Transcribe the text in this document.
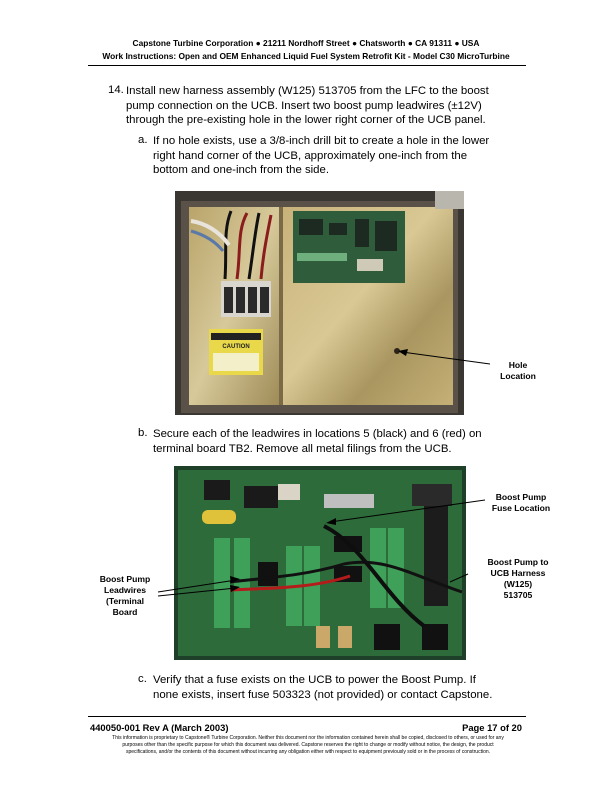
Capstone Turbine Corporation ● 21211 Nordhoff Street ● Chatsworth ● CA 91311 ● USA
Work Instructions: Open and OEM Enhanced Liquid Fuel System Retrofit Kit - Model C30 MicroTurbine
14. Install new harness assembly (W125) 513705 from the LFC to the boost
pump connection on the UCB. Insert two boost pump leadwires (±12V)
through the pre-existing hole in the lower right corner of the UCB panel.
a. If no hole exists, use a 3/8-inch drill bit to create a hole in the lower
right hand corner of the UCB, approximately one-inch from the
bottom and one-inch from the side.
CAUTION
Hole
Location
b. Secure each of the leadwires in locations 5 (black) and 6 (red) on
terminal board TB2. Remove all metal filings from the UCB.
Boost Pump
Fuse Location
Boost Pump to
UCB Harness
(W125)
513705
Boost Pump
Leadwires
(Terminal
Board
c. Verify that a fuse exists on the UCB to power the Boost Pump. If
none exists, insert fuse 503323 (not provided) or contact Capstone.
440050-001 Rev A (March 2003)	Page 17 of 20
This information is proprietary to Capstone® Turbine Corporation. Neither this document nor the information contained herein shall be copied, disclosed to others, or used for any
purposes other than the specific purpose for which this document was delivered. Capstone reserves the right to change or modify without notice, the design, the product
specifications, and/or the contents of this document without incurring any obligation either with respect to equipment previously sold or in the process of construction.
